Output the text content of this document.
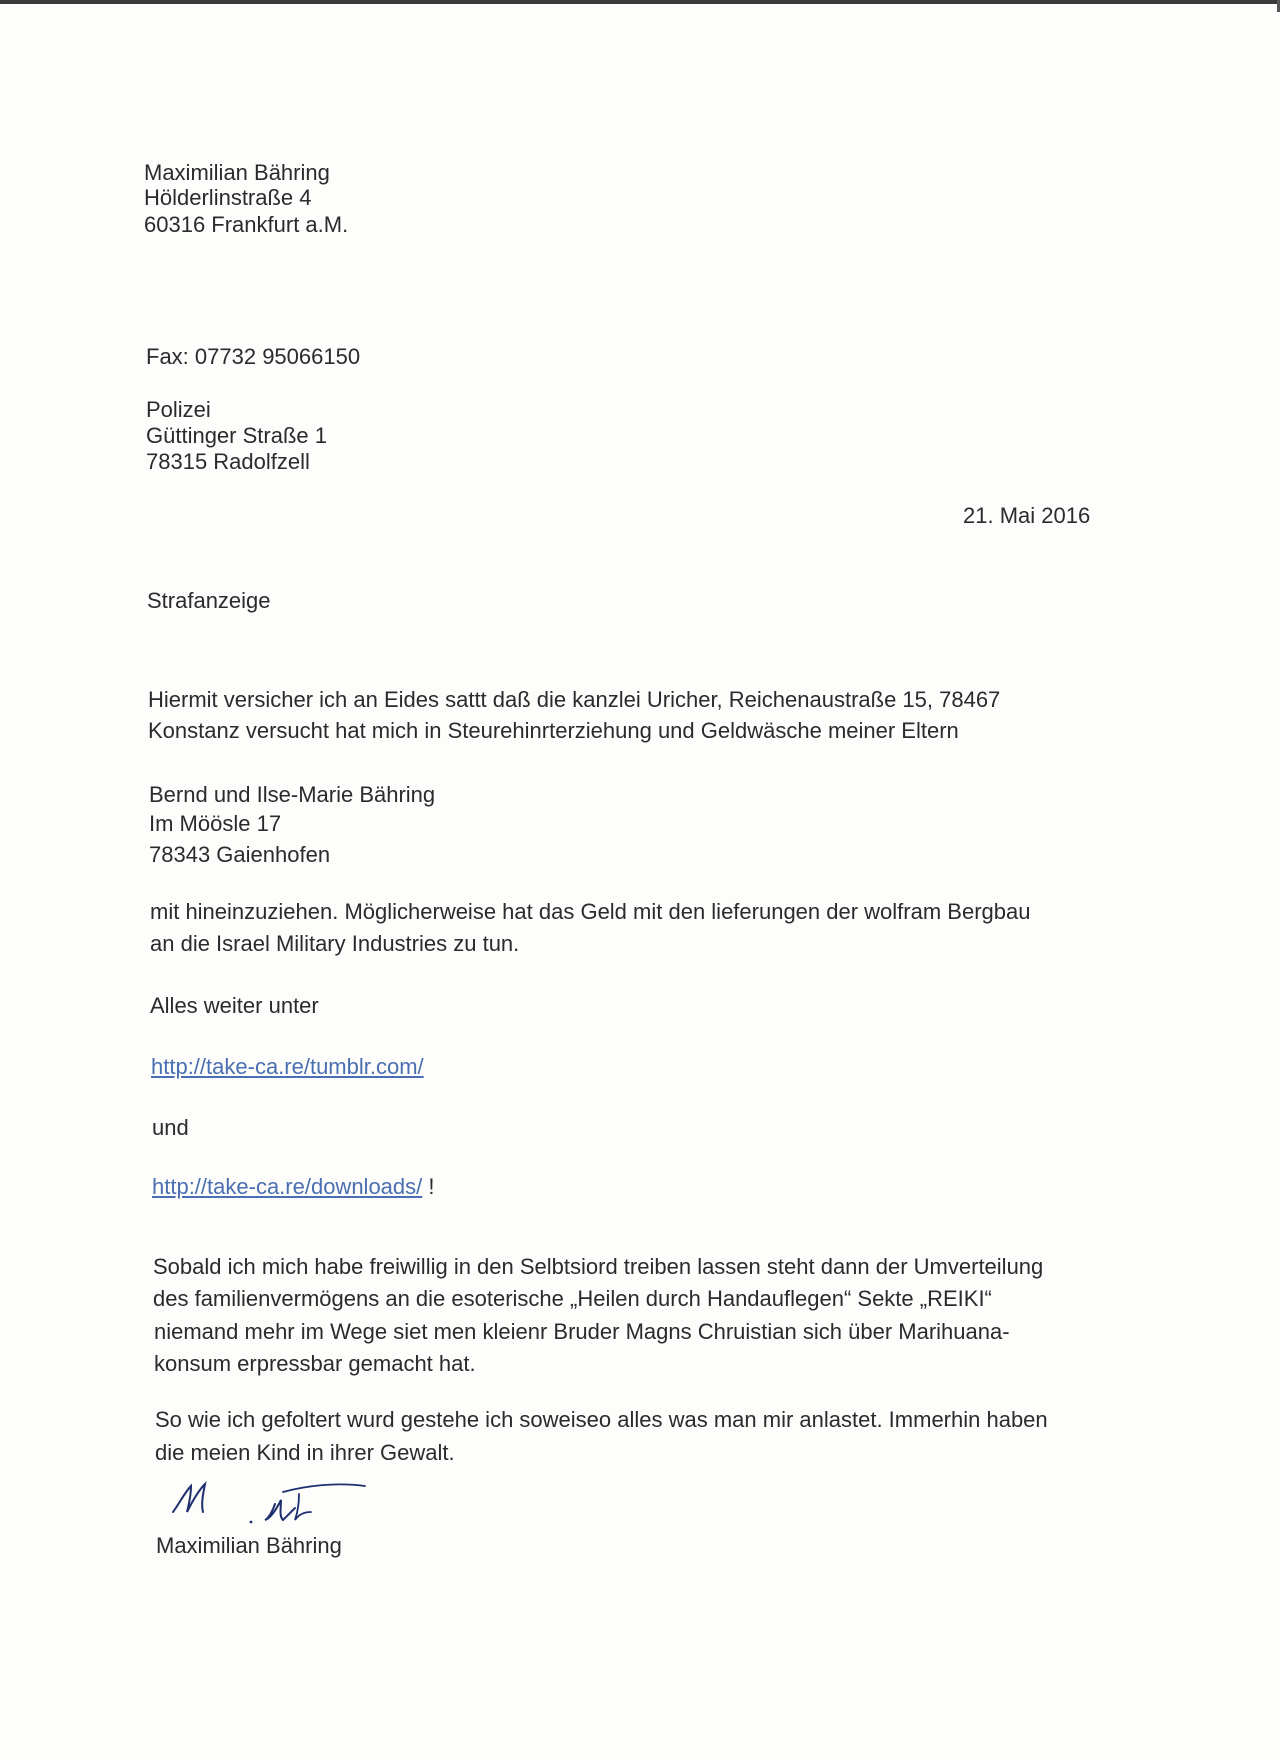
Maximilian Bähring
Hölderlinstraße 4
60316 Frankfurt a.M.
Fax: 07732 95066150
Polizei
Güttinger Straße 1
78315 Radolfzell
21. Mai 2016
Strafanzeige
Hiermit versicher ich an Eides sattt daß die kanzlei Uricher, Reichenaustraße 15, 78467
Konstanz versucht hat mich in Steurehinrterziehung und Geldwäsche meiner Eltern
Bernd und Ilse-Marie Bähring
Im Möösle 17
78343 Gaienhofen
mit hineinzuziehen. Möglicherweise hat das Geld mit den lieferungen der wolfram Bergbau
an die Israel Military Industries zu tun.
Alles weiter unter
http://take-ca.re/tumblr.com/
und
http://take-ca.re/downloads/ !
Sobald ich mich habe freiwillig in den Selbtsiord treiben lassen steht dann der Umverteilung
des familienvermögens an die esoterische „Heilen durch Handauflegen“ Sekte „REIKI“
niemand mehr im Wege siet men kleienr Bruder Magns Chruistian sich über Marihuana-
konsum erpressbar gemacht hat.
So wie ich gefoltert wurd gestehe ich soweiseo alles was man mir anlastet. Immerhin haben
die meien Kind in ihrer Gewalt.
Maximilian Bähring
